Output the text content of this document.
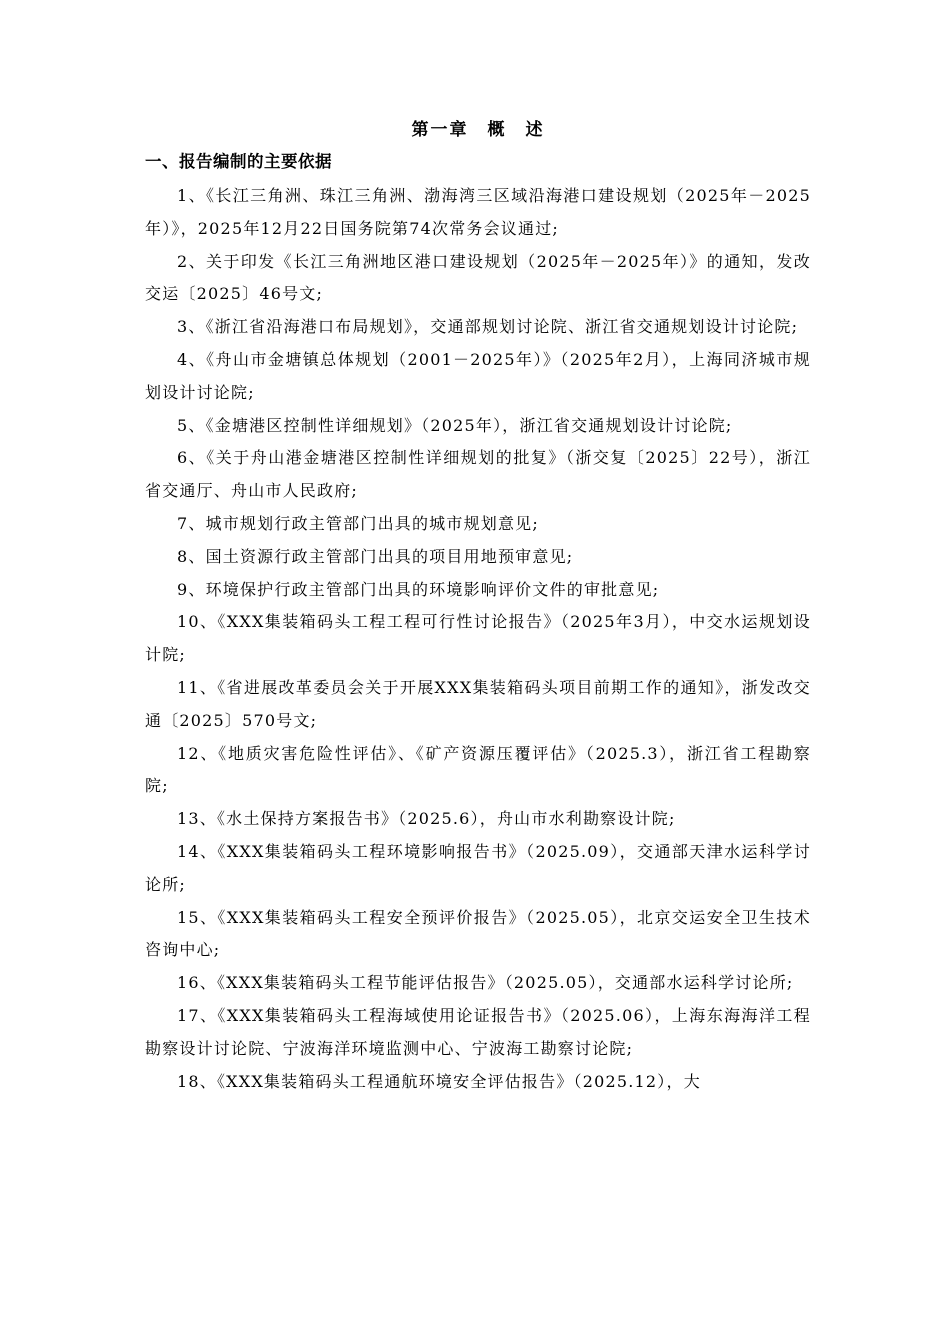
第一章　概　述
一、报告编制的主要依据

1、《长江三角洲、珠江三角洲、渤海湾三区域沿海港口建设规划（2025年－2025年）》，2025年12月22日国务院第74次常务会议通过;

2、关于印发《长江三角洲地区港口建设规划（2025年－2025年）》的通知，发改交运〔2025〕46号文;

3、《浙江省沿海港口布局规划》，交通部规划讨论院、浙江省交通规划设计讨论院;

4、《舟山市金塘镇总体规划（2001－2025年）》（2025年2月），上海同济城市规划设计讨论院;

5、《金塘港区控制性详细规划》（2025年），浙江省交通规划设计讨论院;

6、《关于舟山港金塘港区控制性详细规划的批复》（浙交复〔2025〕22号），浙江省交通厅、舟山市人民政府;

7、城市规划行政主管部门出具的城市规划意见;

8、国土资源行政主管部门出具的项目用地预审意见;

9、环境保护行政主管部门出具的环境影响评价文件的审批意见;

10、《XXX集装箱码头工程工程可行性讨论报告》（2025年3月），中交水运规划设计院;

11、《省进展改革委员会关于开展XXX集装箱码头项目前期工作的通知》，浙发改交通〔2025〕570号文;

12、《地质灾害危险性评估》、《矿产资源压覆评估》（2025.3），浙江省工程勘察院;

13、《水土保持方案报告书》（2025.6），舟山市水利勘察设计院;

14、《XXX集装箱码头工程环境影响报告书》（2025.09），交通部天津水运科学讨论所;

15、《XXX集装箱码头工程安全预评价报告》（2025.05），北京交运安全卫生技术咨询中心;

16、《XXX集装箱码头工程节能评估报告》（2025.05），交通部水运科学讨论所;

17、《XXX集装箱码头工程海域使用论证报告书》（2025.06），上海东海海洋工程勘察设计讨论院、宁波海洋环境监测中心、宁波海工勘察讨论院;

18、《XXX集装箱码头工程通航环境安全评估报告》（2025.12），大
